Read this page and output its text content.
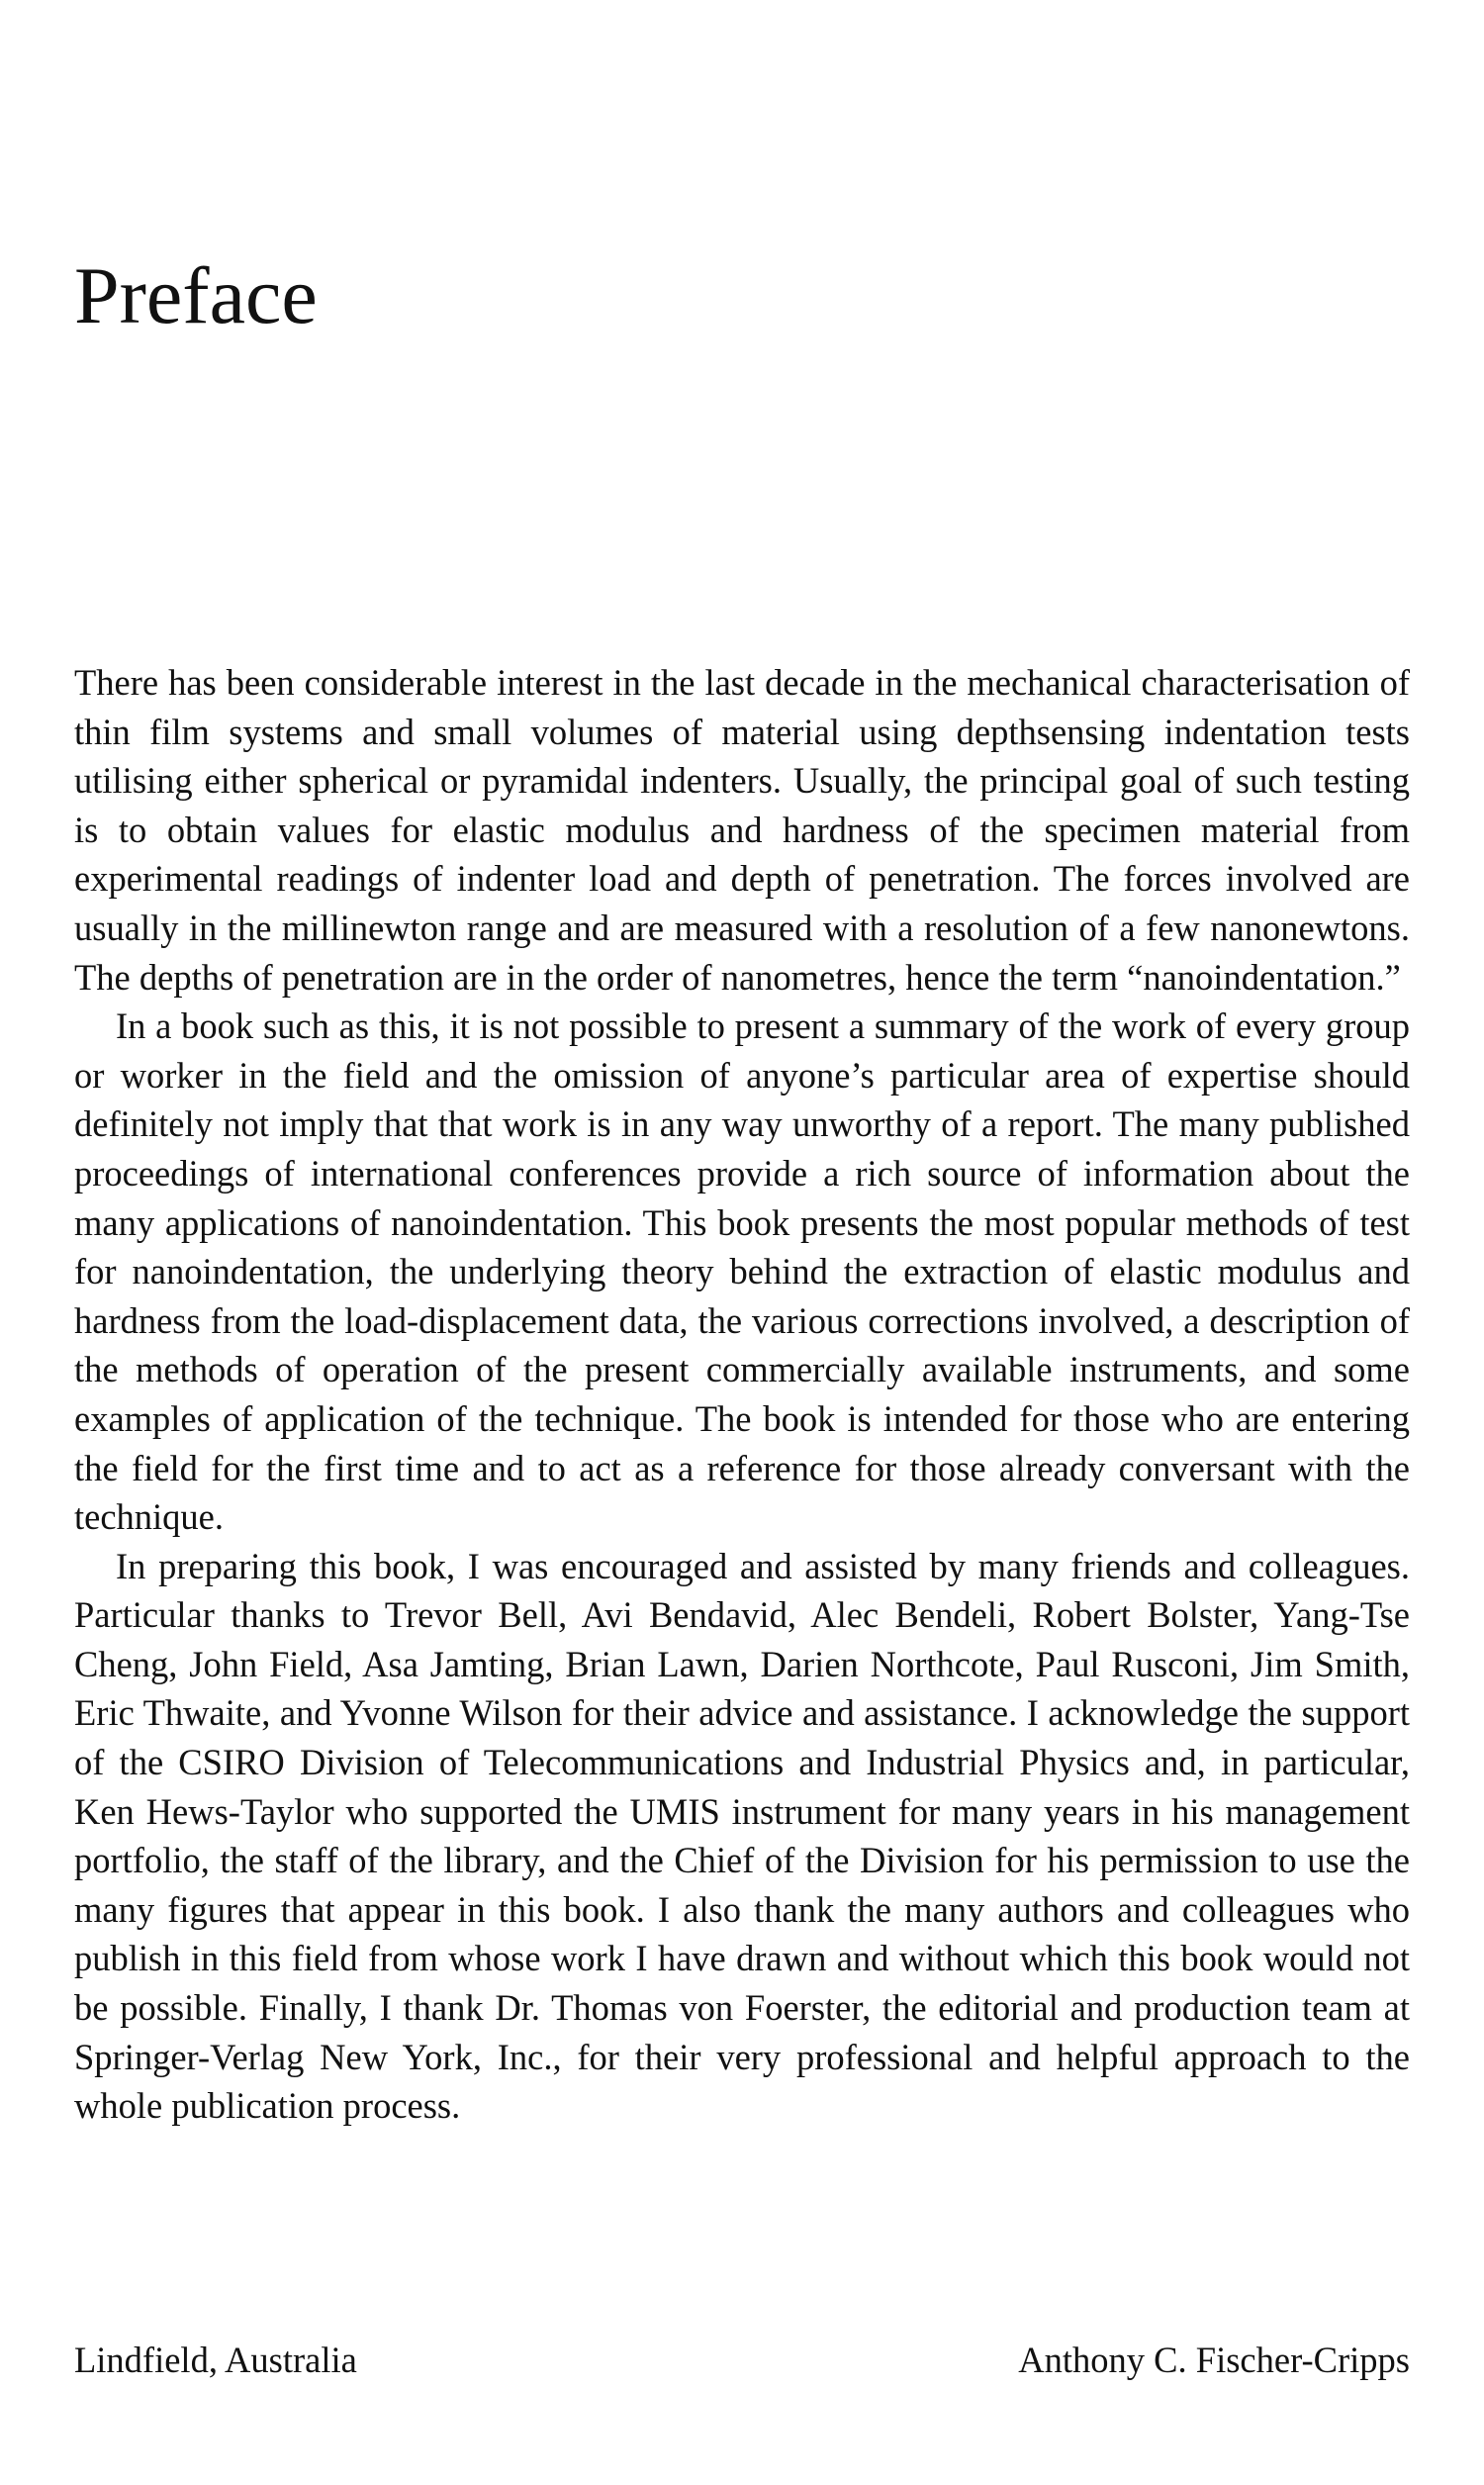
Preface

There has been considerable interest in the last decade in the mechanical characterisation of thin film systems and small volumes of material using depthsensing indentation tests utilising either spherical or pyramidal indenters. Usually, the principal goal of such testing is to obtain values for elastic modulus and hardness of the specimen material from experimental readings of indenter load and depth of penetration. The forces involved are usually in the millinewton range and are measured with a resolution of a few nanonewtons. The depths of penetration are in the order of nanometres, hence the term “nanoindentation.”

In a book such as this, it is not possible to present a summary of the work of every group or worker in the field and the omission of anyone’s particular area of expertise should definitely not imply that that work is in any way unworthy of a report. The many published proceedings of international conferences provide a rich source of information about the many applications of nanoindentation. This book presents the most popular methods of test for nanoindentation, the underlying theory behind the extraction of elastic modulus and hardness from the load-displacement data, the various corrections involved, a description of the methods of operation of the present commercially available instruments, and some examples of application of the technique. The book is intended for those who are entering the field for the first time and to act as a reference for those already conversant with the technique.

In preparing this book, I was encouraged and assisted by many friends and colleagues. Particular thanks to Trevor Bell, Avi Bendavid, Alec Bendeli, Robert Bolster, Yang-Tse Cheng, John Field, Asa Jamting, Brian Lawn, Darien Northcote, Paul Rusconi, Jim Smith, Eric Thwaite, and Yvonne Wilson for their advice and assistance. I acknowledge the support of the CSIRO Division of Telecommunications and Industrial Physics and, in particular, Ken Hews-Taylor who supported the UMIS instrument for many years in his management portfolio, the staff of the library, and the Chief of the Division for his permission to use the many figures that appear in this book. I also thank the many authors and colleagues who publish in this field from whose work I have drawn and without which this book would not be possible. Finally, I thank Dr. Thomas von Foerster, the editorial and production team at Springer-Verlag New York, Inc., for their very professional and helpful approach to the whole publication process.

Lindfield, Australia	Anthony C. Fischer-Cripps
